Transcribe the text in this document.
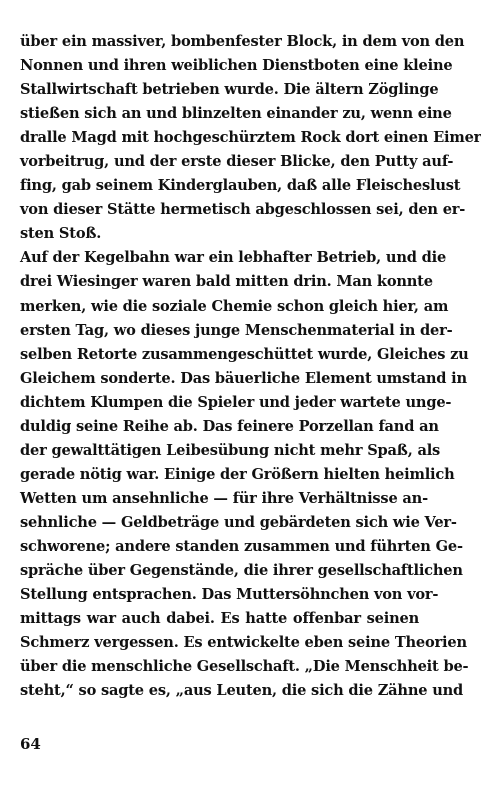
über ein massiver, bombenfester Block, in dem von den
Nonnen und ihren weiblichen Dienstboten eine kleine
Stallwirtschaft betrieben wurde. Die ältern Zöglinge
stießen sich an und blinzelten einander zu, wenn eine
dralle Magd mit hochgeschürztem Rock dort einen Eimer
vorbeitrug, und der erste dieser Blicke, den Putty auf-
fing, gab seinem Kinderglauben, daß alle Fleischeslust
von dieser Stätte hermetisch abgeschlossen sei, den er-
sten Stoß.
Auf der Kegelbahn war ein lebhafter Betrieb, und die
drei Wiesinger waren bald mitten drin. Man konnte
merken, wie die soziale Chemie schon gleich hier, am
ersten Tag, wo dieses junge Menschenmaterial in der-
selben Retorte zusammengeschüttet wurde, Gleiches zu
Gleichem sonderte. Das bäuerliche Element umstand in
dichtem Klumpen die Spieler und jeder wartete unge-
duldig seine Reihe ab. Das feinere Porzellan fand an
der gewalttätigen Leibesübung nicht mehr Spaß, als
gerade nötig war. Einige der Größern hielten heimlich
Wetten um ansehnliche — für ihre Verhältnisse an-
sehnliche — Geldbeträge und gebärdeten sich wie Ver-
schworene; andere standen zusammen und führten Ge-
spräche über Gegenstände, die ihrer gesellschaftlichen
Stellung entsprachen. Das Muttersöhnchen von vor-
mittags war auch dabei. Es hatte offenbar seinen
Schmerz vergessen. Es entwickelte eben seine Theorien
über die menschliche Gesellschaft. „Die Menschheit be-
steht,“ so sagte es, „aus Leuten, die sich die Zähne und
64
